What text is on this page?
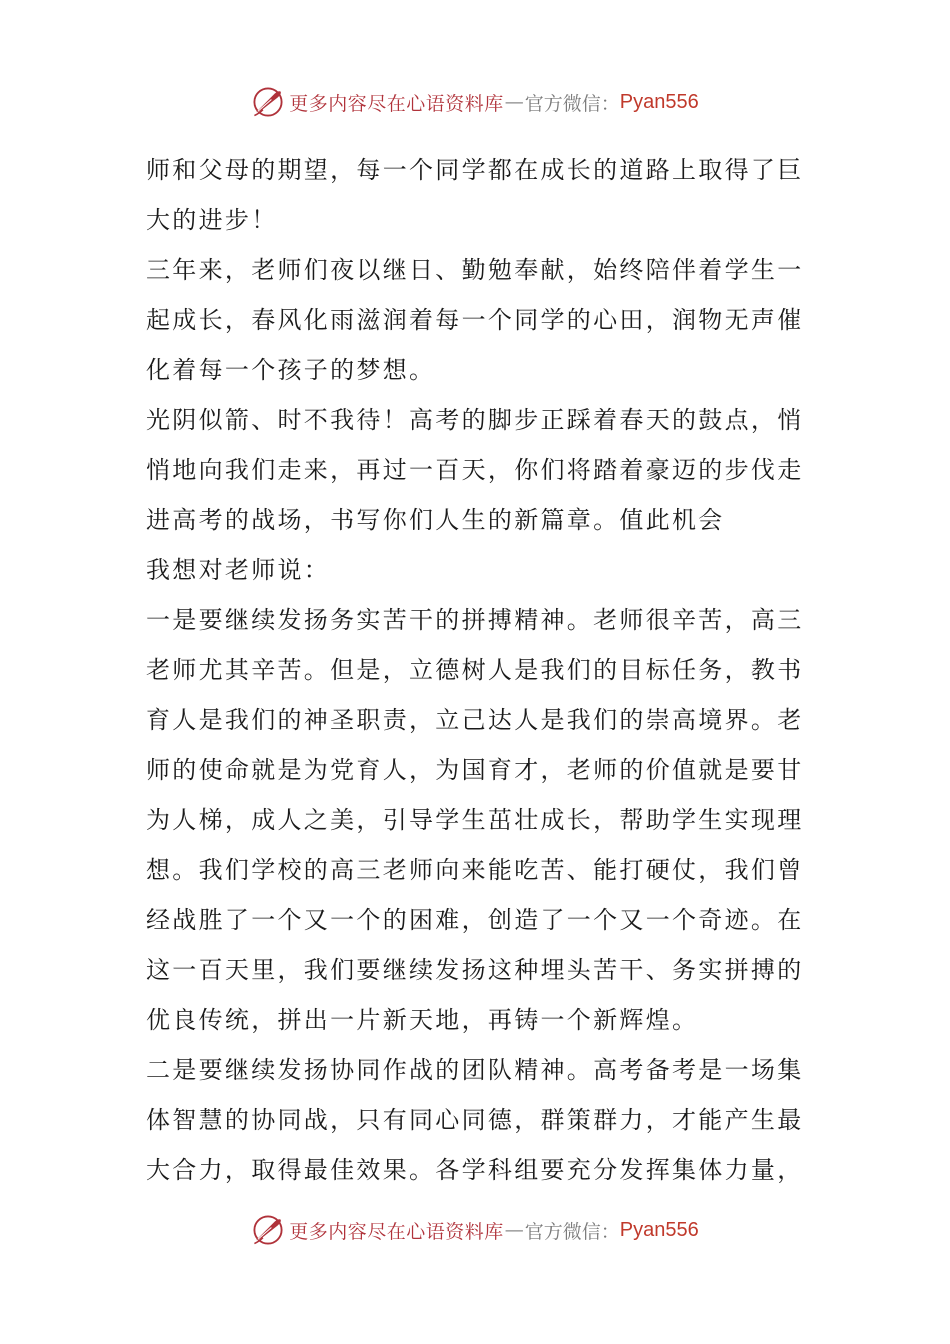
更多内容尽在心语资料库 — 官方微信： Pyan556
师和父母的期望，每一个同学都在成长的道路上取得了巨
大的进步！
三年来，老师们夜以继日、勤勉奉献，始终陪伴着学生一
起成长，春风化雨滋润着每一个同学的心田，润物无声催
化着每一个孩子的梦想。
光阴似箭、时不我待！高考的脚步正踩着春天的鼓点，悄
悄地向我们走来，再过一百天，你们将踏着豪迈的步伐走
进高考的战场，书写你们人生的新篇章。值此机会
我想对老师说：
一是要继续发扬务实苦干的拼搏精神。老师很辛苦，高三
老师尤其辛苦。但是，立德树人是我们的目标任务，教书
育人是我们的神圣职责，立己达人是我们的崇高境界。老
师的使命就是为党育人，为国育才，老师的价值就是要甘
为人梯，成人之美，引导学生茁壮成长，帮助学生实现理
想。我们学校的高三老师向来能吃苦、能打硬仗，我们曾
经战胜了一个又一个的困难，创造了一个又一个奇迹。在
这一百天里，我们要继续发扬这种埋头苦干、务实拼搏的
优良传统，拼出一片新天地，再铸一个新辉煌。
二是要继续发扬协同作战的团队精神。高考备考是一场集
体智慧的协同战，只有同心同德，群策群力，才能产生最
大合力，取得最佳效果。各学科组要充分发挥集体力量，
更多内容尽在心语资料库 — 官方微信： Pyan556
